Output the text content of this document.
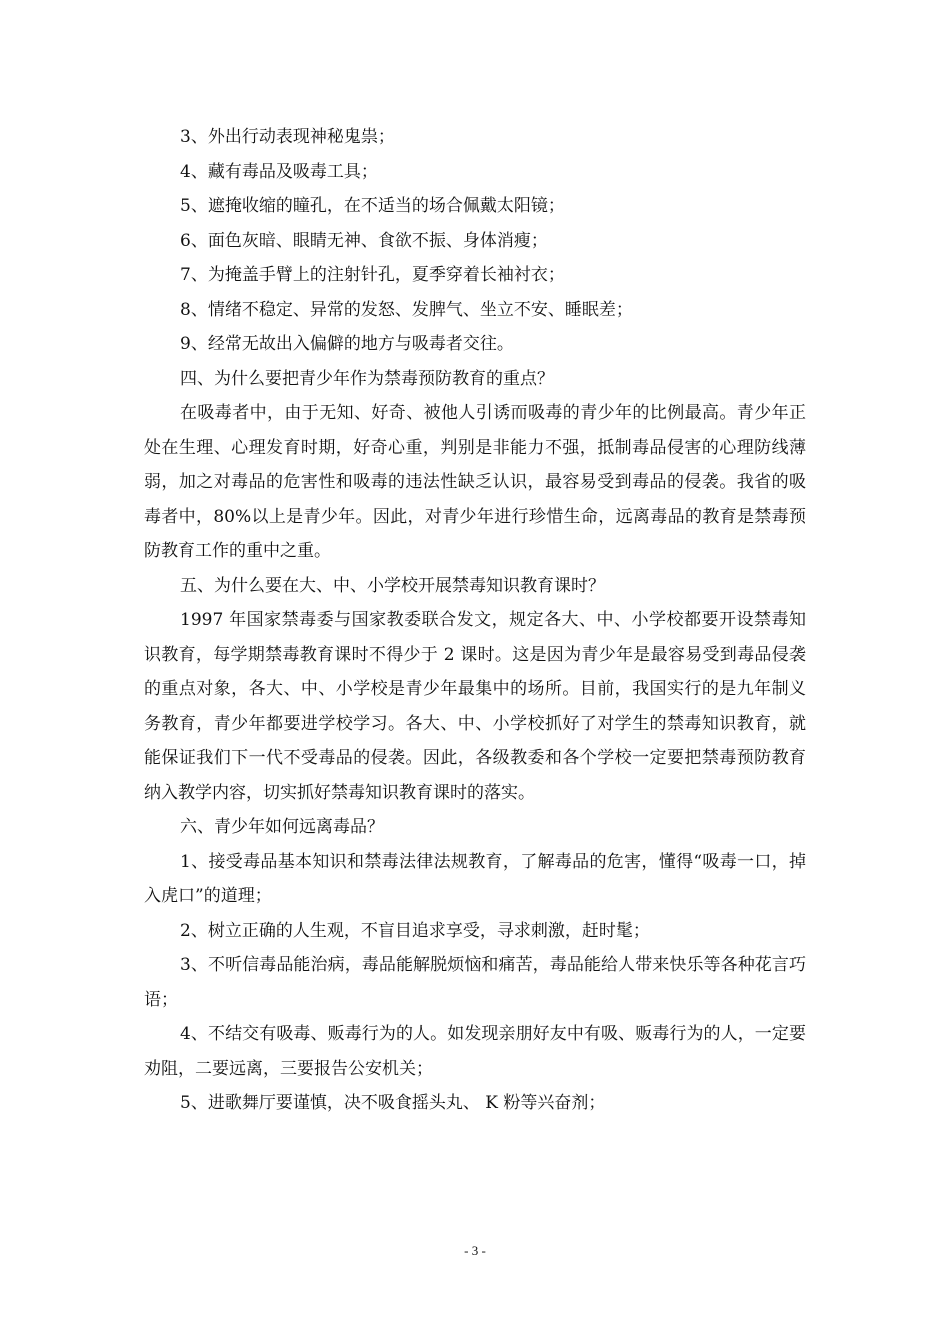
3、外出行动表现神秘鬼祟；

4、藏有毒品及吸毒工具；

5、遮掩收缩的瞳孔，在不适当的场合佩戴太阳镜；

6、面色灰暗、眼睛无神、食欲不振、身体消瘦；

7、为掩盖手臂上的注射针孔，夏季穿着长袖衬衣；

8、情绪不稳定、异常的发怒、发脾气、坐立不安、睡眠差；

9、经常无故出入偏僻的地方与吸毒者交往。

四、为什么要把青少年作为禁毒预防教育的重点？

在吸毒者中，由于无知、好奇、被他人引诱而吸毒的青少年的比例最高。青少年正处在生理、心理发育时期，好奇心重，判别是非能力不强，抵制毒品侵害的心理防线薄弱，加之对毒品的危害性和吸毒的违法性缺乏认识，最容易受到毒品的侵袭。我省的吸毒者中，80%以上是青少年。因此，对青少年进行珍惜生命，远离毒品的教育是禁毒预防教育工作的重中之重。

五、为什么要在大、中、小学校开展禁毒知识教育课时？

1997 年国家禁毒委与国家教委联合发文，规定各大、中、小学校都要开设禁毒知识教育，每学期禁毒教育课时不得少于 2 课时。这是因为青少年是最容易受到毒品侵袭的重点对象，各大、中、小学校是青少年最集中的场所。目前，我国实行的是九年制义务教育，青少年都要进学校学习。各大、中、小学校抓好了对学生的禁毒知识教育，就能保证我们下一代不受毒品的侵袭。因此，各级教委和各个学校一定要把禁毒预防教育纳入教学内容，切实抓好禁毒知识教育课时的落实。

六、青少年如何远离毒品？

1、接受毒品基本知识和禁毒法律法规教育，了解毒品的危害，懂得“吸毒一口，掉入虎口”的道理；

2、树立正确的人生观，不盲目追求享受，寻求刺激，赶时髦；

3、不听信毒品能治病，毒品能解脱烦恼和痛苦，毒品能给人带来快乐等各种花言巧语；

4、不结交有吸毒、贩毒行为的人。如发现亲朋好友中有吸、贩毒行为的人，一定要劝阻，二要远离，三要报告公安机关；

5、进歌舞厅要谨慎，决不吸食摇头丸、 K 粉等兴奋剂；

- 3 -
